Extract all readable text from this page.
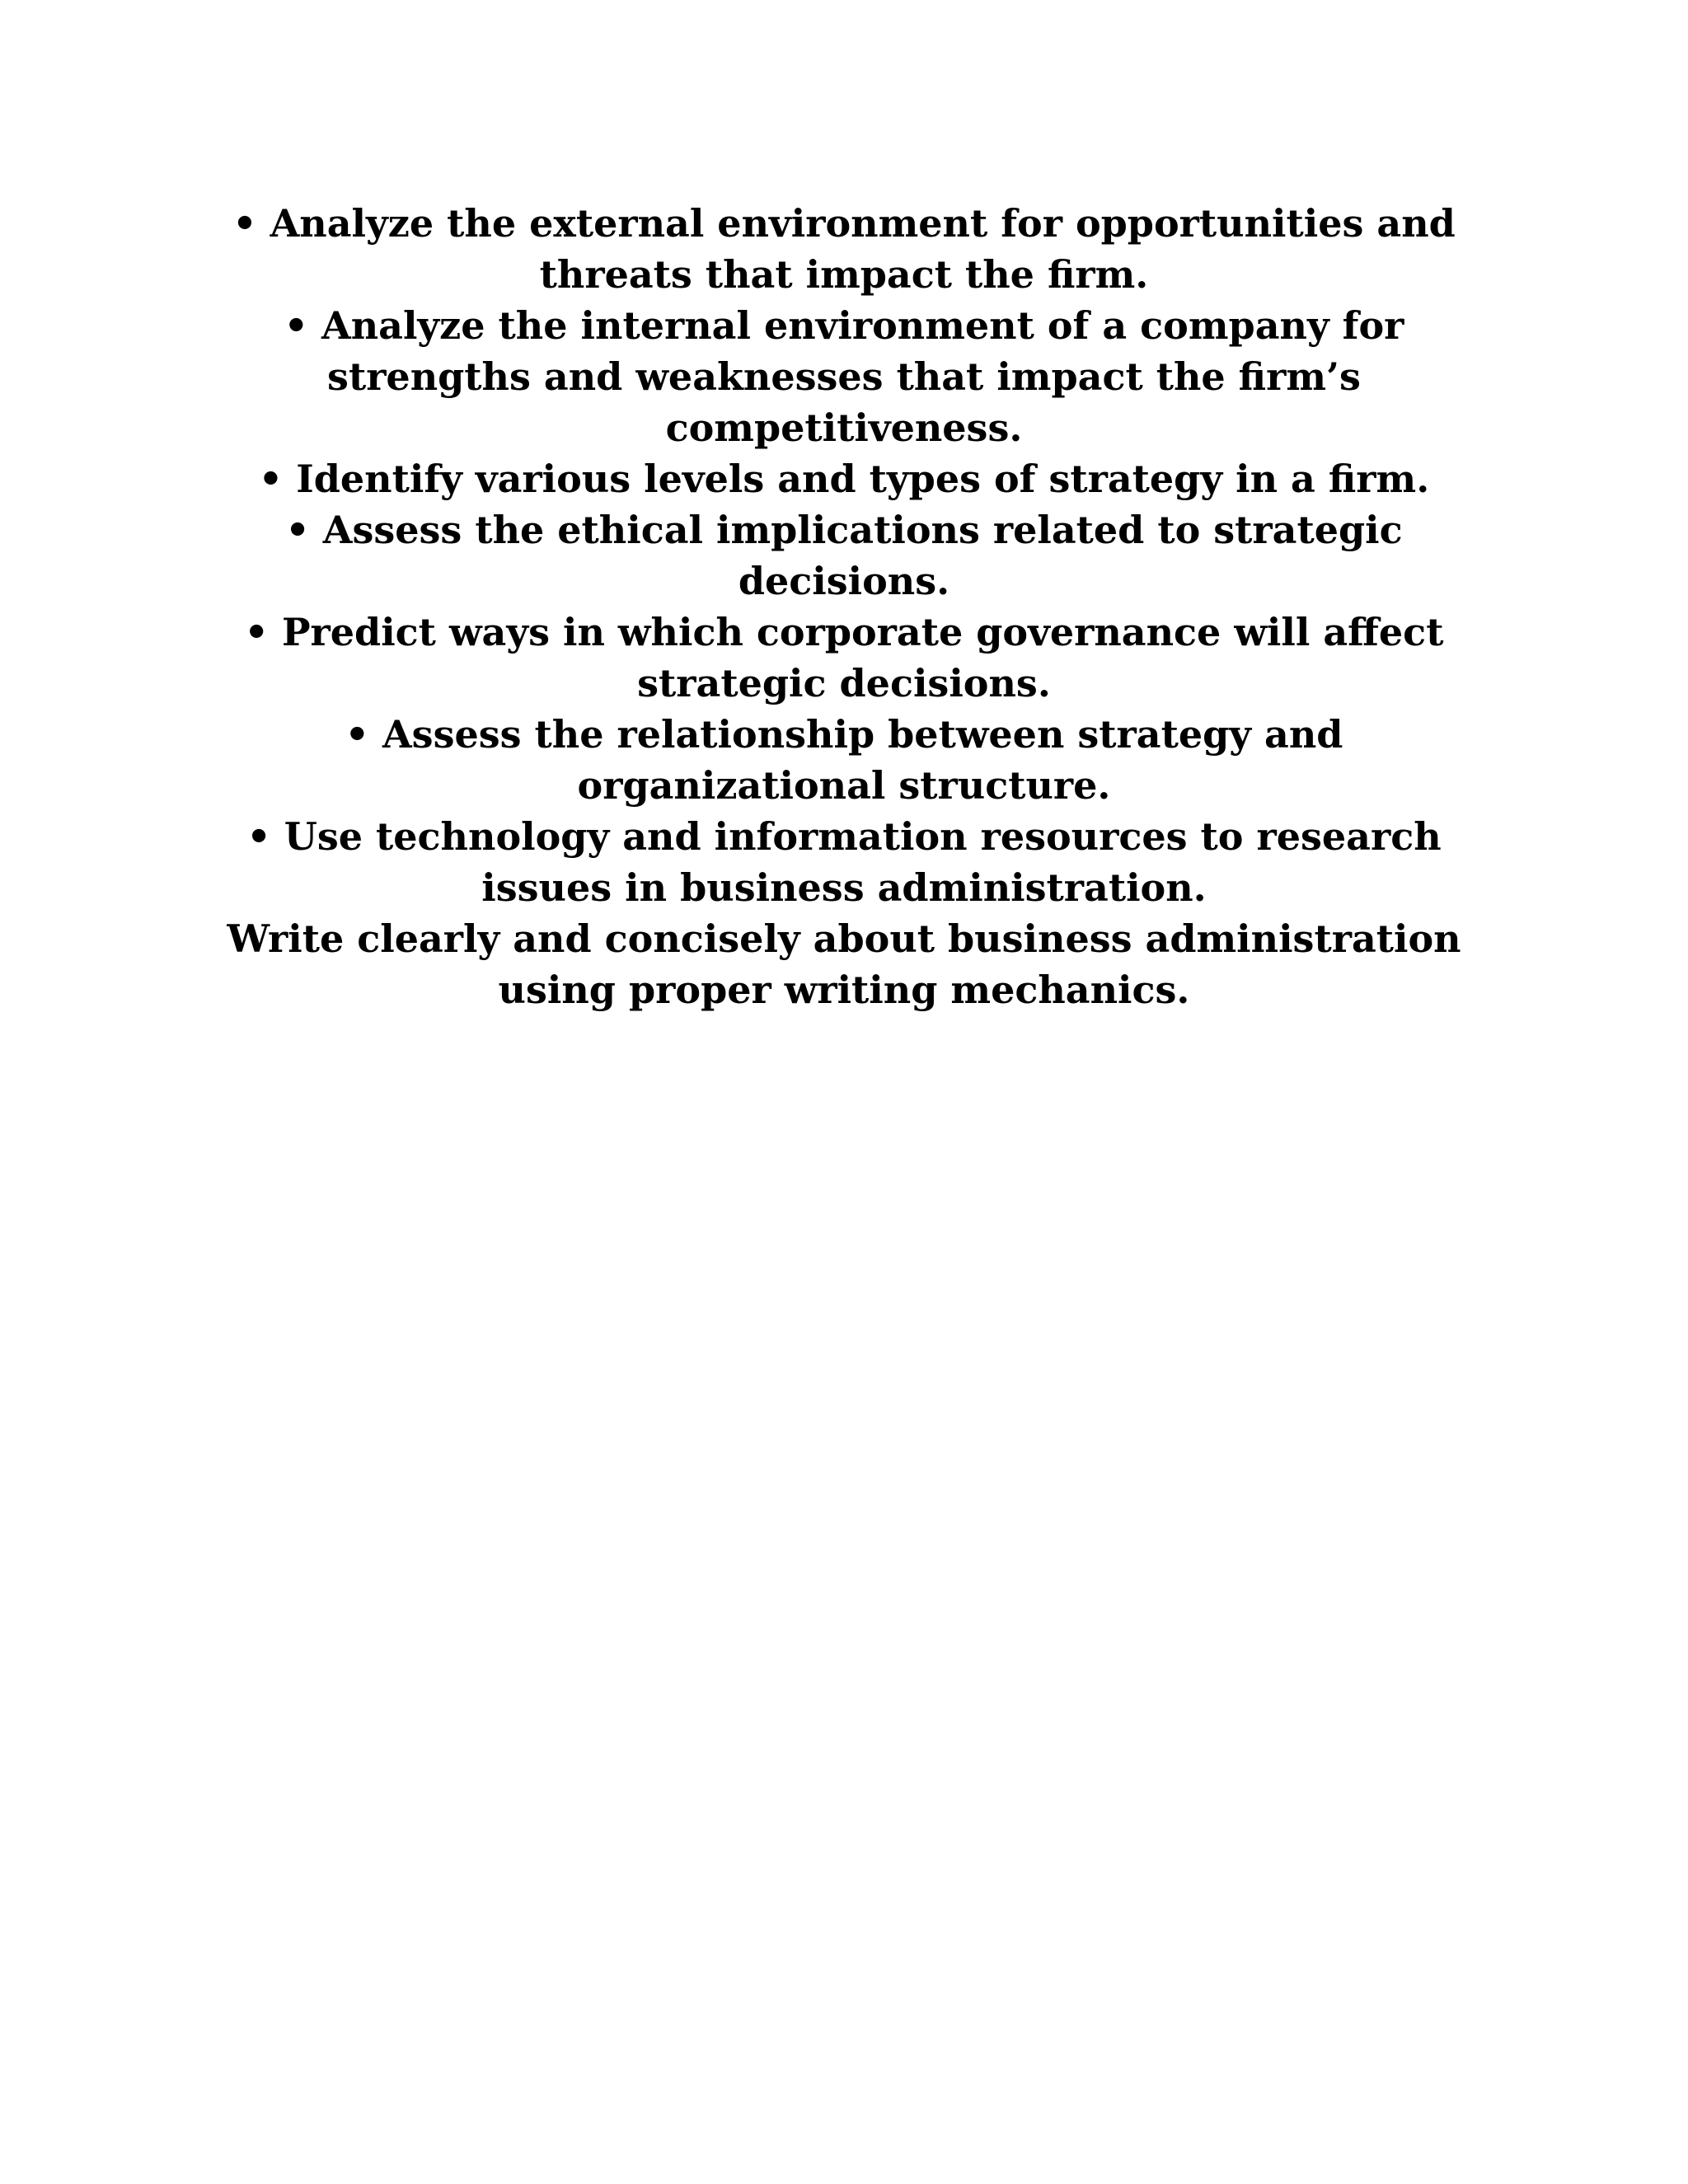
• Analyze the external environment for opportunities and threats that impact the firm.

• Analyze the internal environment of a company for strengths and weaknesses that impact the firm’s competitiveness.

• Identify various levels and types of strategy in a firm.

• Assess the ethical implications related to strategic decisions.

• Predict ways in which corporate governance will affect strategic decisions.

• Assess the relationship between strategy and organizational structure.

• Use technology and information resources to research issues in business administration.

Write clearly and concisely about business administration using proper writing mechanics.
